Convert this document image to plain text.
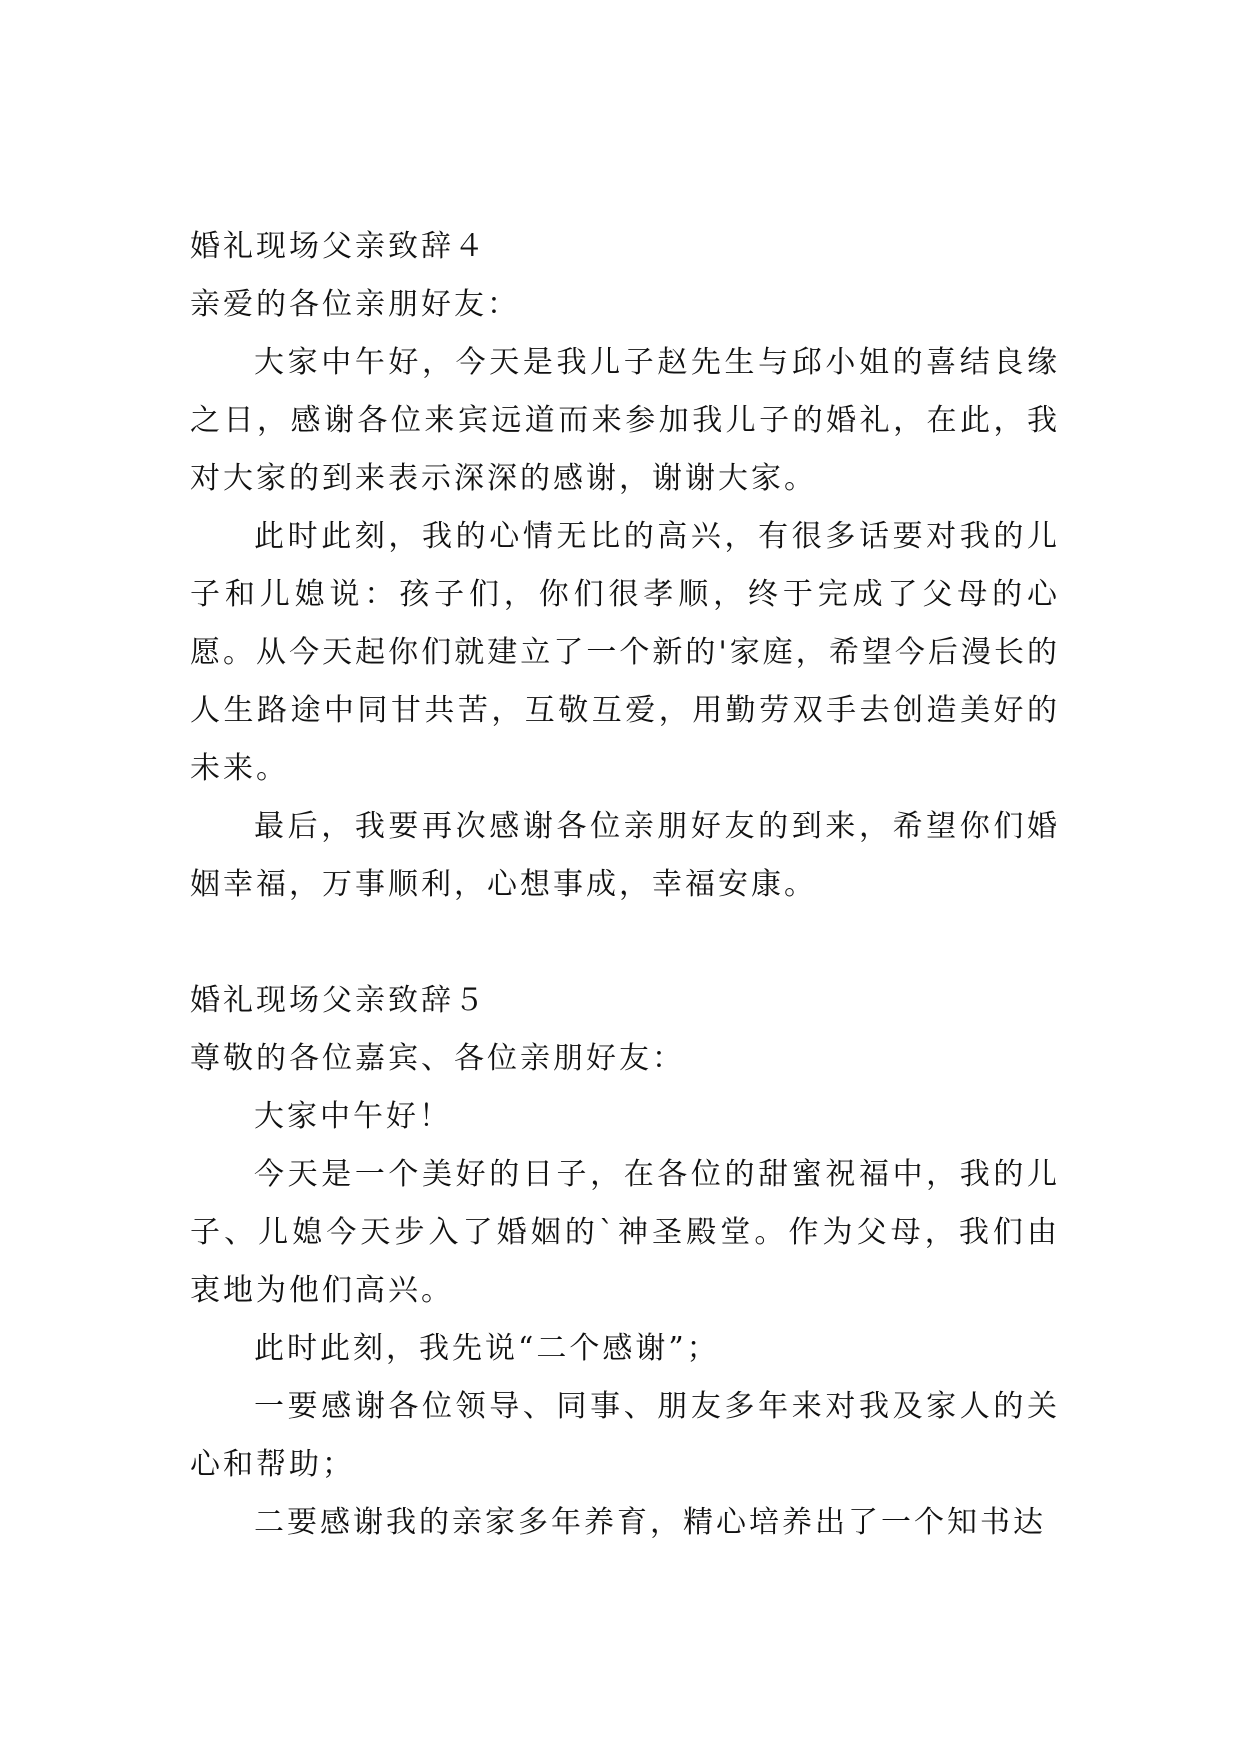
婚礼现场父亲致辞４

亲爱的各位亲朋好友：

大家中午好，今天是我儿子赵先生与邱小姐的喜结良缘之日，感谢各位来宾远道而来参加我儿子的婚礼，在此，我对大家的到来表示深深的感谢，谢谢大家。

此时此刻，我的心情无比的高兴，有很多话要对我的儿子和儿媳说：孩子们，你们很孝顺，终于完成了父母的心愿。从今天起你们就建立了一个新的'家庭，希望今后漫长的人生路途中同甘共苦，互敬互爱，用勤劳双手去创造美好的未来。

最后，我要再次感谢各位亲朋好友的到来，希望你们婚姻幸福，万事顺利，心想事成，幸福安康。

婚礼现场父亲致辞５

尊敬的各位嘉宾、各位亲朋好友：

大家中午好！

今天是一个美好的日子，在各位的甜蜜祝福中，我的儿子、儿媳今天步入了婚姻的`神圣殿堂。作为父母，我们由衷地为他们高兴。

此时此刻，我先说“二个感谢”；

一要感谢各位领导、同事、朋友多年来对我及家人的关心和帮助；

二要感谢我的亲家多年养育，精心培养出了一个知书达
